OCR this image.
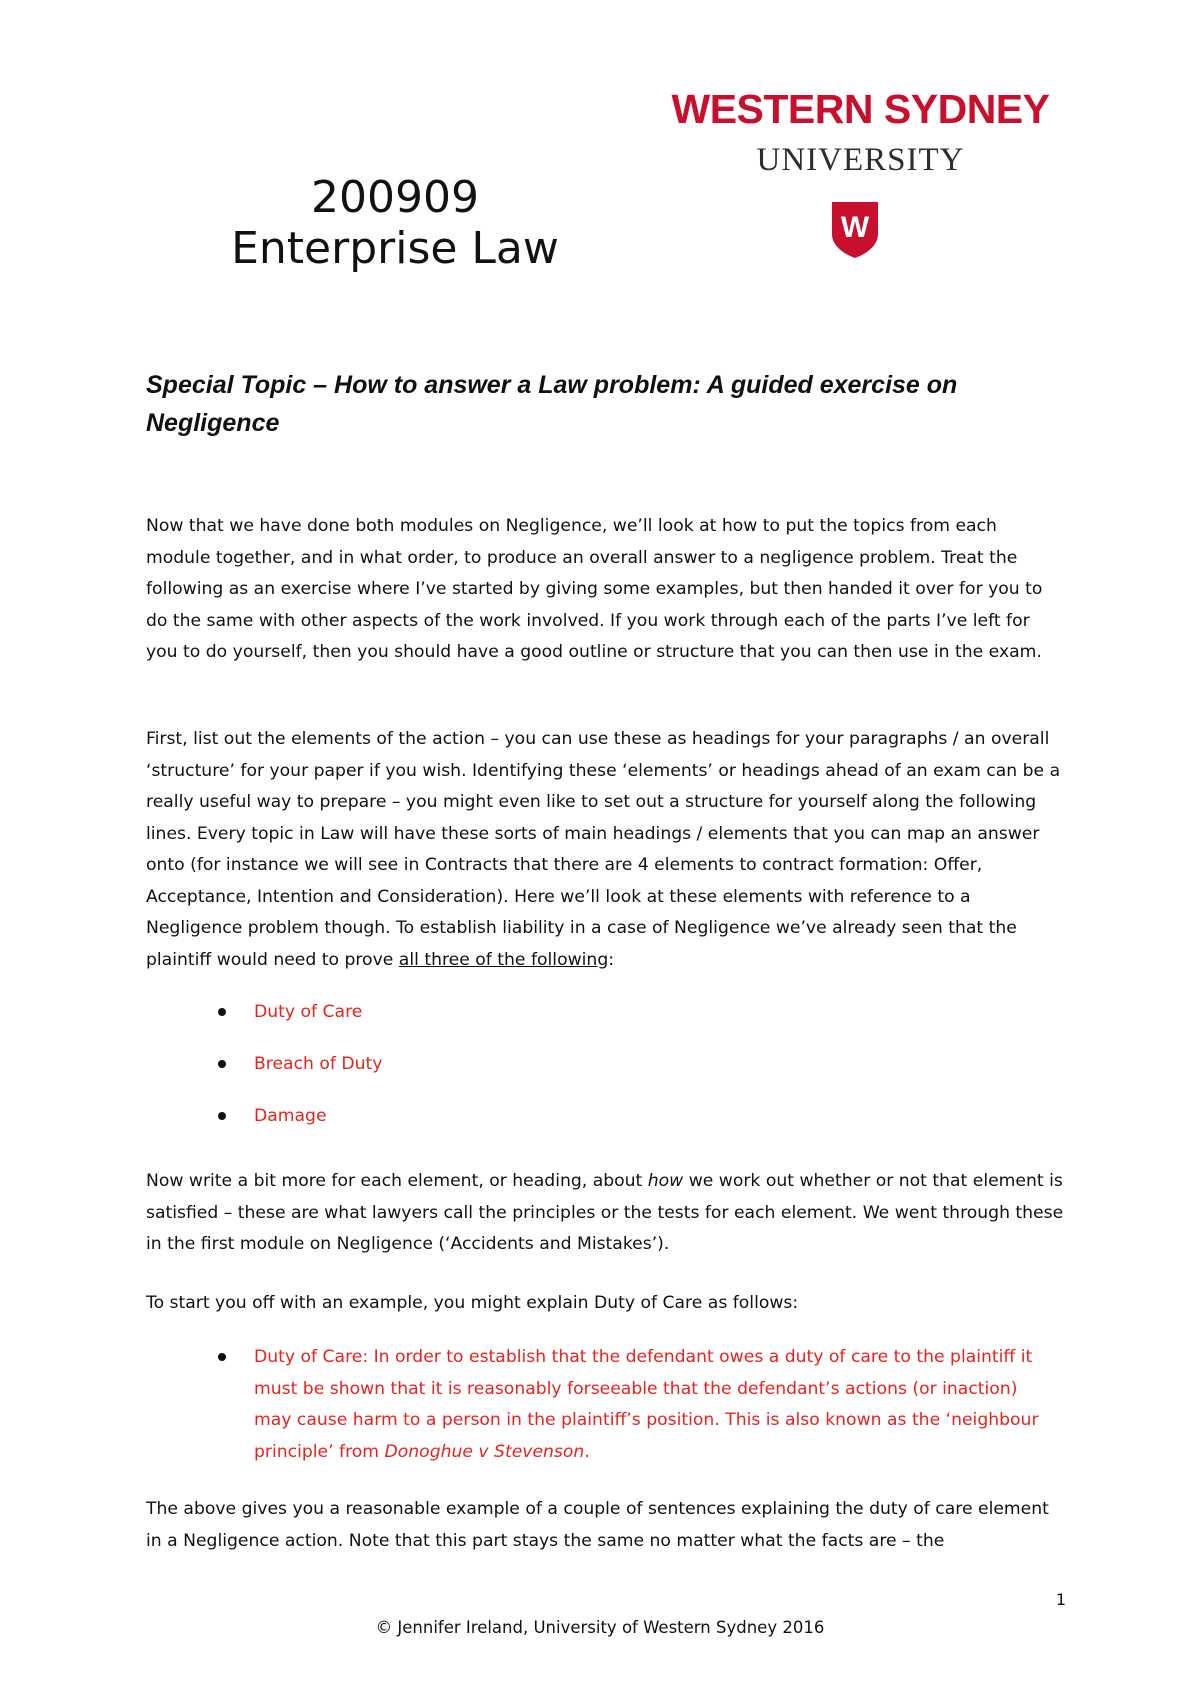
200909
Enterprise Law
WESTERN SYDNEY
UNIVERSITY
W
Special Topic – How to answer a Law problem: A guided exercise on Negligence

Now that we have done both modules on Negligence, we’ll look at how to put the topics from each module together, and in what order, to produce an overall answer to a negligence problem. Treat the following as an exercise where I’ve started by giving some examples, but then handed it over for you to do the same with other aspects of the work involved. If you work through each of the parts I’ve left for you to do yourself, then you should have a good outline or structure that you can then use in the exam.

First, list out the elements of the action – you can use these as headings for your paragraphs / an overall ‘structure’ for your paper if you wish. Identifying these ‘elements’ or headings ahead of an exam can be a really useful way to prepare – you might even like to set out a structure for yourself along the following lines. Every topic in Law will have these sorts of main headings / elements that you can map an answer onto (for instance we will see in Contracts that there are 4 elements to contract formation: Offer, Acceptance, Intention and Consideration). Here we’ll look at these elements with reference to a Negligence problem though. To establish liability in a case of Negligence we’ve already seen that the plaintiff would need to prove all three of the following:

Duty of Care
Breach of Duty
Damage

Now write a bit more for each element, or heading, about how we work out whether or not that element is satisfied – these are what lawyers call the principles or the tests for each element. We went through these in the first module on Negligence (‘Accidents and Mistakes’).

To start you off with an example, you might explain Duty of Care as follows:

Duty of Care: In order to establish that the defendant owes a duty of care to the plaintiff it must be shown that it is reasonably forseeable that the defendant’s actions (or inaction) may cause harm to a person in the plaintiff’s position. This is also known as the ‘neighbour principle’ from Donoghue v Stevenson.

The above gives you a reasonable example of a couple of sentences explaining the duty of care element in a Negligence action. Note that this part stays the same no matter what the facts are – the

1
© Jennifer Ireland, University of Western Sydney 2016
